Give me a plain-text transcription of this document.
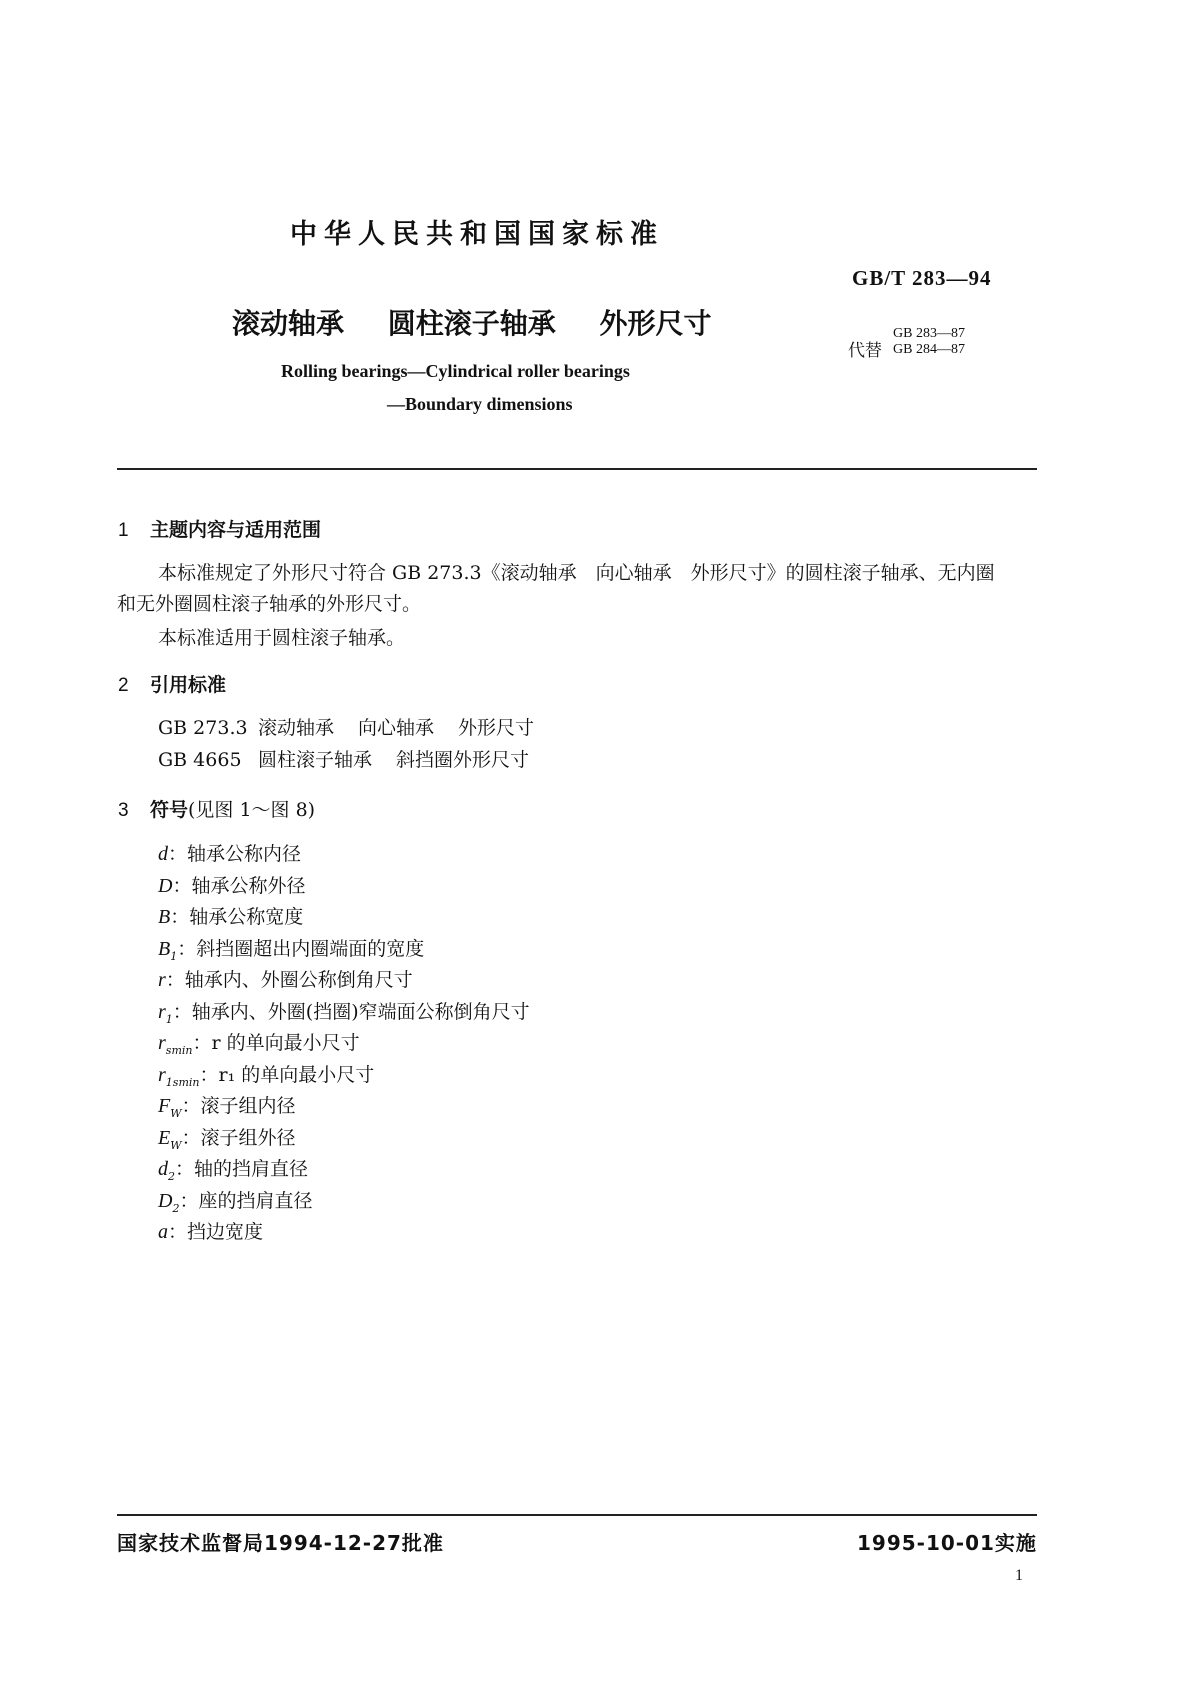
中华人民共和国国家标准
GB/T 283—94
滚动轴承 圆柱滚子轴承 外形尺寸
代替
GB 283—87
GB 284—87
Rolling bearings—Cylindrical roller bearings
—Boundary dimensions
1 主题内容与适用范围
本标准规定了外形尺寸符合 GB 273.3《滚动轴承　向心轴承　外形尺寸》的圆柱滚子轴承、无内圈
和无外圈圆柱滚子轴承的外形尺寸。
本标准适用于圆柱滚子轴承。
2 引用标准
GB 273.3 滚动轴承 向心轴承 外形尺寸
GB 4665 圆柱滚子轴承 斜挡圈外形尺寸
3 符号(见图 1～图 8)
d：轴承公称内径
D：轴承公称外径
B：轴承公称宽度
$B_1$：斜挡圈超出内圈端面的宽度
r：轴承内、外圈公称倒角尺寸
$r_1$：轴承内、外圈(挡圈)窄端面公称倒角尺寸
$r_{smin}$：r 的单向最小尺寸
$r_{1smin}$：r₁ 的单向最小尺寸
$F_W$：滚子组内径
$E_W$：滚子组外径
$d_2$：轴的挡肩直径
$D_2$：座的挡肩直径
a：挡边宽度
国家技术监督局1994-12-27批准	1995-10-01实施
1
